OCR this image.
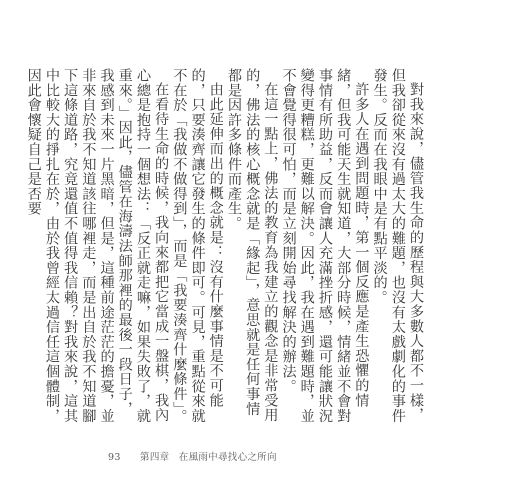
對我來說，儘管我生命的歷程與大多數人都不一樣，但我卻從來沒有過太大的難題，也沒有太戲劇化的事件發生。反而在我眼中是有點平淡的。

許多人在遇到問題時，第一個反應是產生恐懼的情緒，但我可能天生就知道，大部分時候，情緒並不會對事情有所助益，反而會讓人充滿挫折感，還可能讓狀況變得更糟糕，更難以解決。因此，我在遇到難題時，並不會覺得很可怕，而是立刻開始尋找解決的辦法。

在這一點上，佛法的教育為我建立的觀念是非常受用的，佛法的核心概念就是「緣起」，意思就是任何事情都是因許多條件而產生。

由此延伸而出的概念就是：沒有什麼事情是不可能的，只要湊齊讓它發生的條件即可。可見，重點從來就不在於「我做不做得到」，而是「我要湊齊什麼條件」。

在看待生命的時候，我向來都把它當成一盤棋，我內心總是抱持一個想法：「反正就走嘛，如果失敗了，就重來。」因此，儘管在海濤法師那裡的最後一段日子，我感到未來一片黑暗，但是，這種前途茫茫的擔憂，並非來自於我不知道該往哪裡走，而是出自於我不知道腳下這條道路，究竟還值不值得我信賴？對我來說，這其中比較大的掙扎在於，由於我曾經太過信任這個體制，因此會懷疑自己是否要

93 第四章 在風雨中尋找心之所向
